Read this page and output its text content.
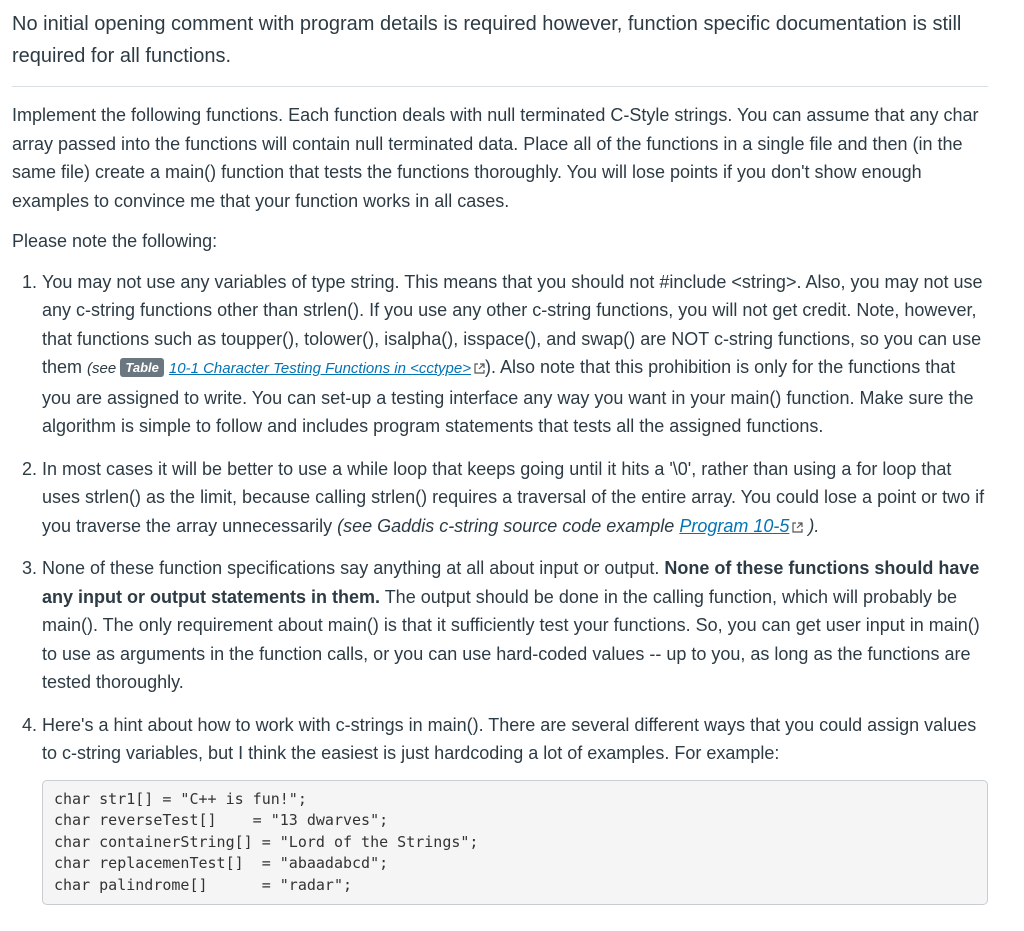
No initial opening comment with program details is required however, function specific documentation is still required for all functions.

Implement the following functions. Each function deals with null terminated C-Style strings. You can assume that any char array passed into the functions will contain null terminated data. Place all of the functions in a single file and then (in the same file) create a main() function that tests the functions thoroughly. You will lose points if you don't show enough examples to convince me that your function works in all cases.

Please note the following:

1. You may not use any variables of type string. This means that you should not #include <string>. Also, you may not use any c-string functions other than strlen(). If you use any other c-string functions, you will not get credit. Note, however, that functions such as toupper(), tolower(), isalpha(), isspace(), and swap() are NOT c-string functions, so you can use them (see Table 10-1 Character Testing Functions in <cctype> ). Also note that this prohibition is only for the functions that you are assigned to write. You can set-up a testing interface any way you want in your main() function. Make sure the algorithm is simple to follow and includes program statements that tests all the assigned functions.
2. In most cases it will be better to use a while loop that keeps going until it hits a '\0', rather than using a for loop that uses strlen() as the limit, because calling strlen() requires a traversal of the entire array. You could lose a point or two if you traverse the array unnecessarily (see Gaddis c-string source code example Program 10-5
).
3. None of these function specifications say anything at all about input or output. None of these functions should have any input or output statements in them. The output should be done in the calling function, which will probably be main(). The only requirement about main() is that it sufficiently test your functions. So, you can get user input in main() to use as arguments in the function calls, or you can use hard-coded values -- up to you, as long as the functions are tested thoroughly.
4. Here's a hint about how to work with c-strings in main(). There are several different ways that you could assign values to c-string variables, but I think the easiest is just hardcoding a lot of examples. For example:
char str1[] = "C++ is fun!";
char reverseTest[]    = "13 dwarves";
char containerString[] = "Lord of the Strings";
char replacemenTest[]  = "abaadabcd";
char palindrome[]      = "radar";
